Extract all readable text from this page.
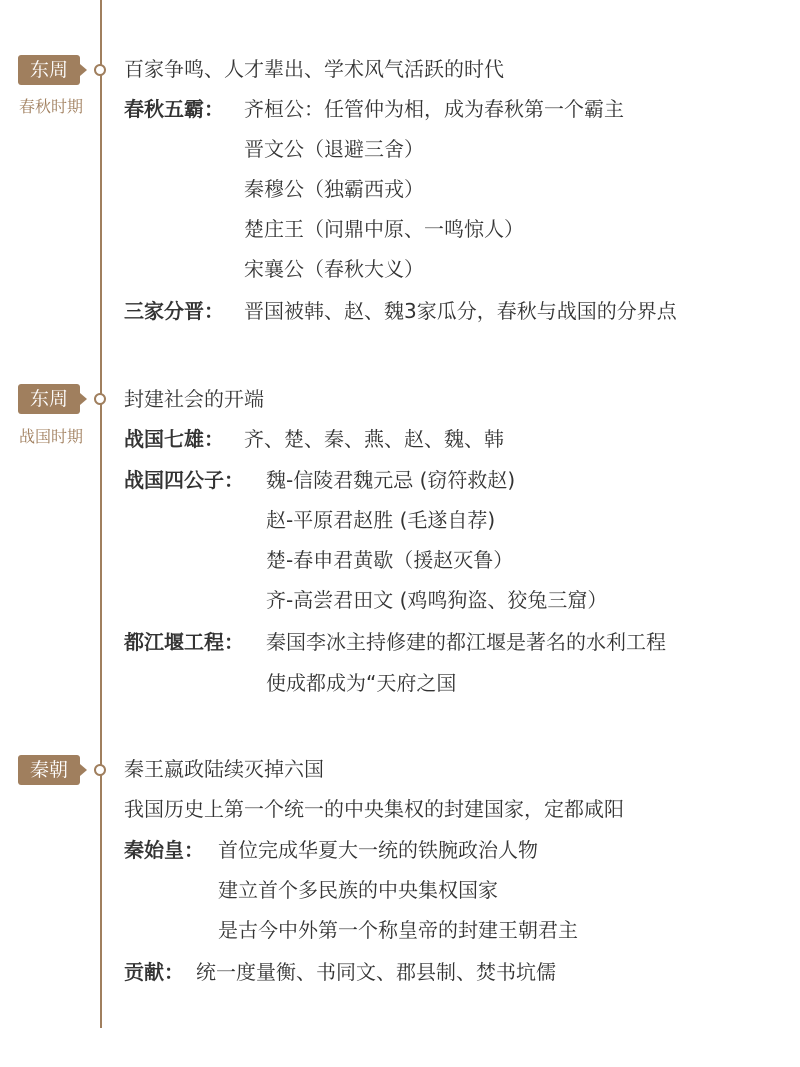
东周
春秋时期
百家争鸣、人才辈出、学术风气活跃的时代
春秋五霸： 齐桓公：任管仲为相，成为春秋第一个霸主
晋文公（退避三舍）
秦穆公（独霸西戎）
楚庄王（问鼎中原、一鸣惊人）
宋襄公（春秋大义）
三家分晋： 晋国被韩、赵、魏3家瓜分，春秋与战国的分界点
东周
战国时期
封建社会的开端
战国七雄： 齐、楚、秦、燕、赵、魏、韩
战国四公子： 魏-信陵君魏元忌 (窃符救赵)
赵-平原君赵胜 (毛遂自荐)
楚-春申君黄歇（援赵灭鲁）
齐-高尝君田文 (鸡鸣狗盗、狡兔三窟）
都江堰工程： 秦国李冰主持修建的都江堰是著名的水利工程
使成都成为“天府之国
秦朝	秦王嬴政陆续灭掉六国
我国历史上第一个统一的中央集权的封建国家，定都咸阳
秦始皇： 首位完成华夏大一统的铁腕政治人物
建立首个多民族的中央集权国家
是古今中外第一个称皇帝的封建王朝君主
贡献： 统一度量衡、书同文、郡县制、焚书坑儒
